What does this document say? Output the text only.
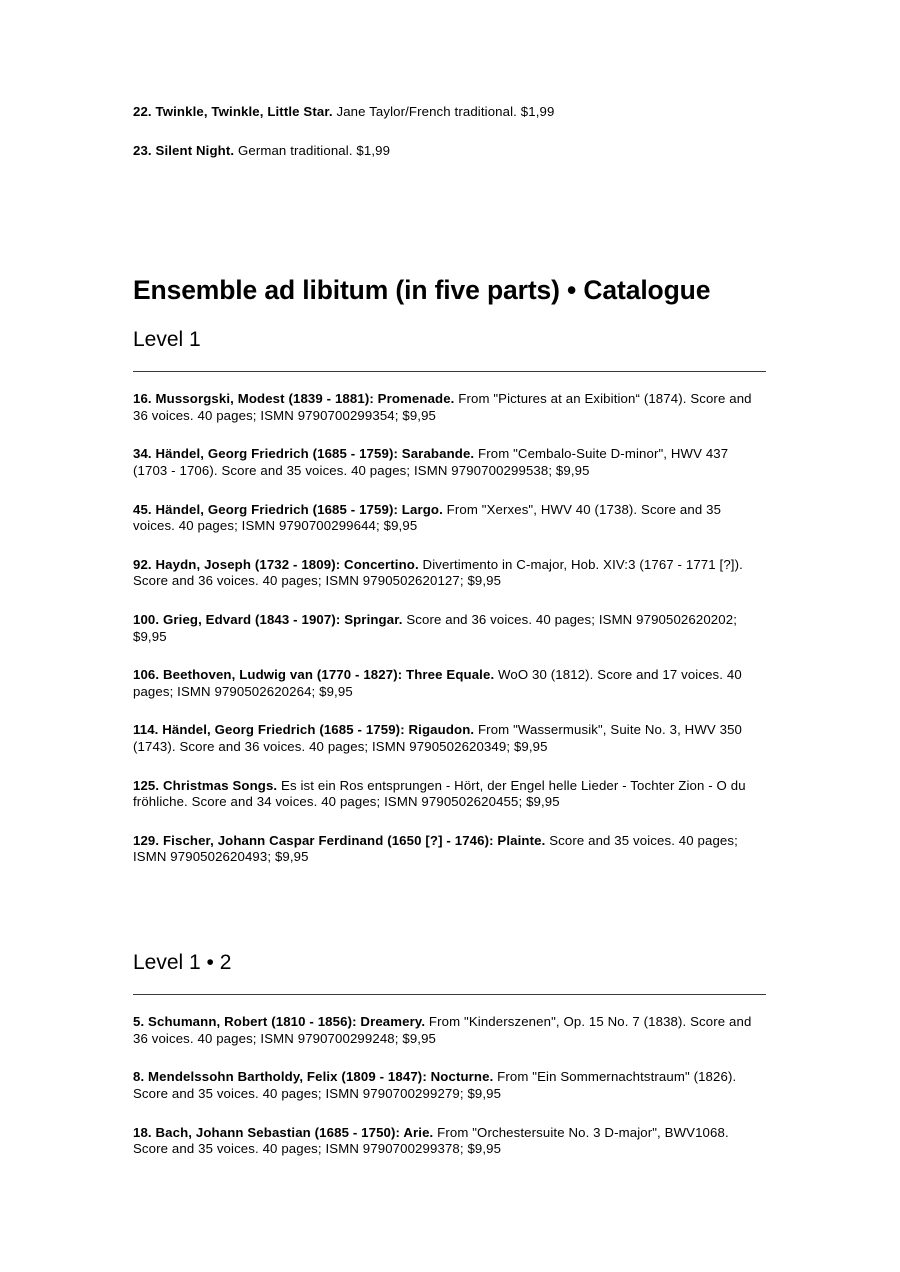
22. Twinkle, Twinkle, Little Star. Jane Taylor/French traditional. $1,99

23. Silent Night. German traditional. $1,99

Ensemble ad libitum (in five parts) • Catalogue
Level 1

16. Mussorgski, Modest (1839 - 1881): Promenade. From "Pictures at an Exibition“ (1874). Score and 36 voices. 40 pages; ISMN 9790700299354; $9,95

34. Händel, Georg Friedrich (1685 - 1759): Sarabande. From "Cembalo-Suite D-minor", HWV 437 (1703 - 1706). Score and 35 voices. 40 pages; ISMN 9790700299538; $9,95

45. Händel, Georg Friedrich (1685 - 1759): Largo. From "Xerxes", HWV 40 (1738). Score and 35 voices. 40 pages; ISMN 9790700299644; $9,95

92. Haydn, Joseph (1732 - 1809): Concertino. Divertimento in C-major, Hob. XIV:3 (1767 - 1771 [?]). Score and 36 voices. 40 pages; ISMN 9790502620127; $9,95

100. Grieg, Edvard (1843 - 1907): Springar. Score and 36 voices. 40 pages; ISMN 9790502620202; $9,95

106. Beethoven, Ludwig van (1770 - 1827): Three Equale. WoO 30 (1812). Score and 17 voices. 40 pages; ISMN 9790502620264; $9,95

114. Händel, Georg Friedrich (1685 - 1759): Rigaudon. From "Wassermusik", Suite No. 3, HWV 350 (1743). Score and 36 voices. 40 pages; ISMN 9790502620349; $9,95

125. Christmas Songs. Es ist ein Ros entsprungen - Hört, der Engel helle Lieder - Tochter Zion - O du fröhliche. Score and 34 voices. 40 pages; ISMN 9790502620455; $9,95

129. Fischer, Johann Caspar Ferdinand (1650 [?] - 1746): Plainte. Score and 35 voices. 40 pages; ISMN 9790502620493; $9,95

Level 1 • 2

5. Schumann, Robert (1810 - 1856): Dreamery. From "Kinderszenen", Op. 15 No. 7 (1838). Score and 36 voices. 40 pages; ISMN 9790700299248; $9,95

8. Mendelssohn Bartholdy, Felix (1809 - 1847): Nocturne. From "Ein Sommernachtstraum" (1826). Score and 35 voices. 40 pages; ISMN 9790700299279; $9,95

18. Bach, Johann Sebastian (1685 - 1750): Arie. From "Orchestersuite No. 3 D-major", BWV1068. Score and 35 voices. 40 pages; ISMN 9790700299378; $9,95
